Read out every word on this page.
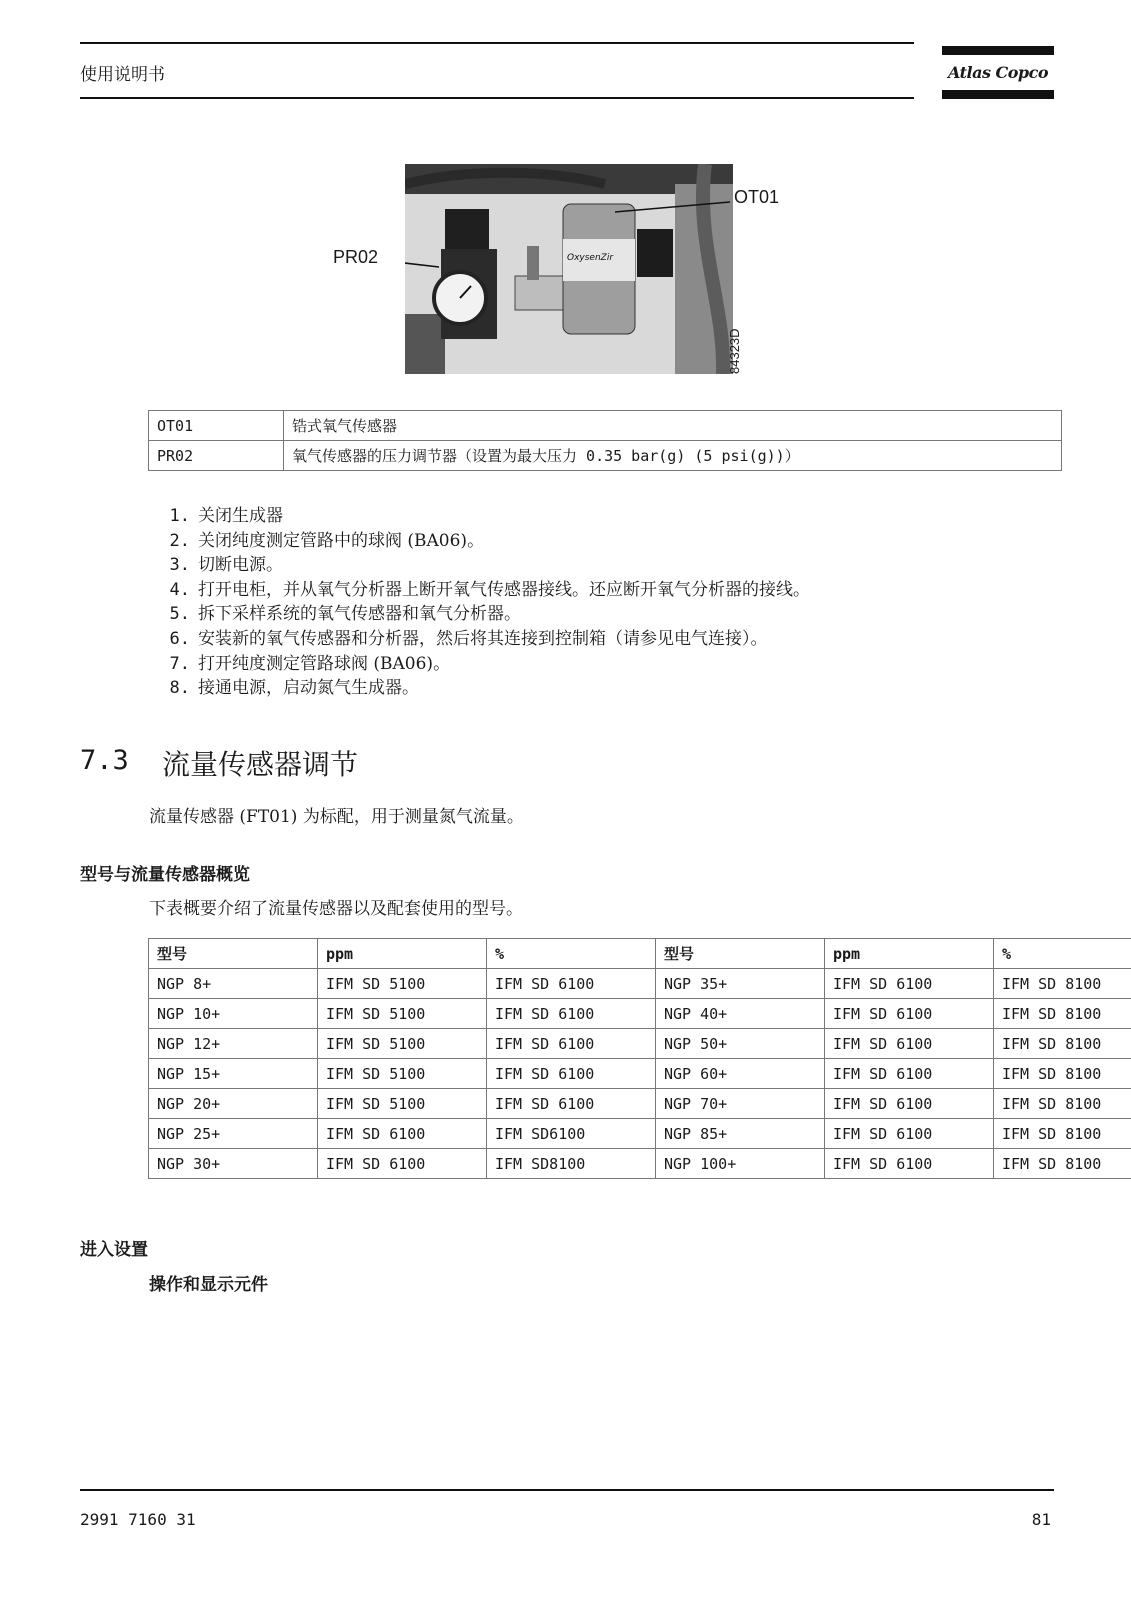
使用说明书	Atlas Copco
OxysenZir
OT01
PR02
84323D
OT01	锆式氧气传感器
PR02	氧气传感器的压力调节器（设置为最大压力 0.35 bar(g) (5 psi(g))）
1. 关闭生成器
2. 关闭纯度测定管路中的球阀 (BA06)。
3. 切断电源。
4. 打开电柜，并从氧气分析器上断开氧气传感器接线。还应断开氧气分析器的接线。
5. 拆下采样系统的氧气传感器和氧气分析器。
6. 安装新的氧气传感器和分析器，然后将其连接到控制箱（请参见电气连接）。
7. 打开纯度测定管路球阀 (BA06)。
8. 接通电源，启动氮气生成器。
7.3 流量传感器调节
流量传感器 (FT01) 为标配，用于测量氮气流量。
型号与流量传感器概览
下表概要介绍了流量传感器以及配套使用的型号。
型号	ppm	%	型号	ppm	%
NGP 8+	IFM SD 5100	IFM SD 6100	NGP 35+	IFM SD 6100	IFM SD 8100
NGP 10+	IFM SD 5100	IFM SD 6100	NGP 40+	IFM SD 6100	IFM SD 8100
NGP 12+	IFM SD 5100	IFM SD 6100	NGP 50+	IFM SD 6100	IFM SD 8100
NGP 15+	IFM SD 5100	IFM SD 6100	NGP 60+	IFM SD 6100	IFM SD 8100
NGP 20+	IFM SD 5100	IFM SD 6100	NGP 70+	IFM SD 6100	IFM SD 8100
NGP 25+	IFM SD 6100	IFM SD6100	NGP 85+	IFM SD 6100	IFM SD 8100
NGP 30+	IFM SD 6100	IFM SD8100	NGP 100+	IFM SD 6100	IFM SD 8100
进入设置
操作和显示元件
2991 7160 31	81
